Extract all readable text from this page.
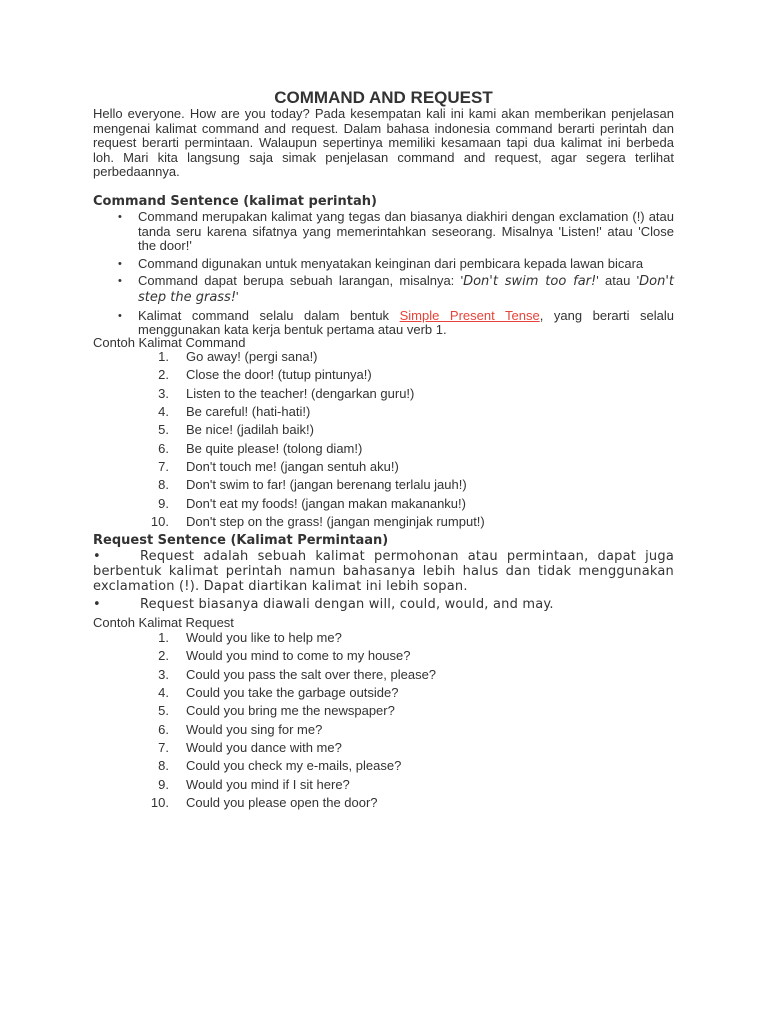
COMMAND AND REQUEST
Hello everyone. How are you today? Pada kesempatan kali ini kami akan memberikan penjelasan mengenai kalimat command and request. Dalam bahasa indonesia command berarti perintah dan request berarti permintaan. Walaupun sepertinya memiliki kesamaan tapi dua kalimat ini berbeda loh. Mari kita langsung saja simak penjelasan command and request, agar segera terlihat perbedaannya.
Command Sentence (kalimat perintah)
• Command merupakan kalimat yang tegas dan biasanya diakhiri dengan exclamation (!) atau tanda seru karena sifatnya yang memerintahkan seseorang. Misalnya 'Listen!' atau 'Close the door!'
• Command digunakan untuk menyatakan keinginan dari pembicara kepada lawan bicara
• Command dapat berupa sebuah larangan, misalnya: 'Don't swim too far!' atau 'Don't step the grass!'
• Kalimat command selalu dalam bentuk Simple Present Tense, yang berarti selalu menggunakan kata kerja bentuk pertama atau verb 1.
Contoh Kalimat Command
1. Go away! (pergi sana!)
2. Close the door! (tutup pintunya!)
3. Listen to the teacher! (dengarkan guru!)
4. Be careful! (hati-hati!)
5. Be nice! (jadilah baik!)
6. Be quite please! (tolong diam!)
7. Don't touch me! (jangan sentuh aku!)
8. Don't swim to far! (jangan berenang terlalu jauh!)
9. Don't eat my foods! (jangan makan makananku!)
10. Don't step on the grass! (jangan menginjak rumput!)
Request Sentence (Kalimat Permintaan)
•	Request adalah sebuah kalimat permohonan atau permintaan, dapat juga berbentuk kalimat perintah namun bahasanya lebih halus dan tidak menggunakan exclamation (!). Dapat diartikan kalimat ini lebih sopan.
•	Request biasanya diawali dengan will, could, would, and may.
Contoh Kalimat Request
1. Would you like to help me?
2. Would you mind to come to my house?
3. Could you pass the salt over there, please?
4. Could you take the garbage outside?
5. Could you bring me the newspaper?
6. Would you sing for me?
7. Would you dance with me?
8. Could you check my e-mails, please?
9. Would you mind if I sit here?
10. Could you please open the door?
